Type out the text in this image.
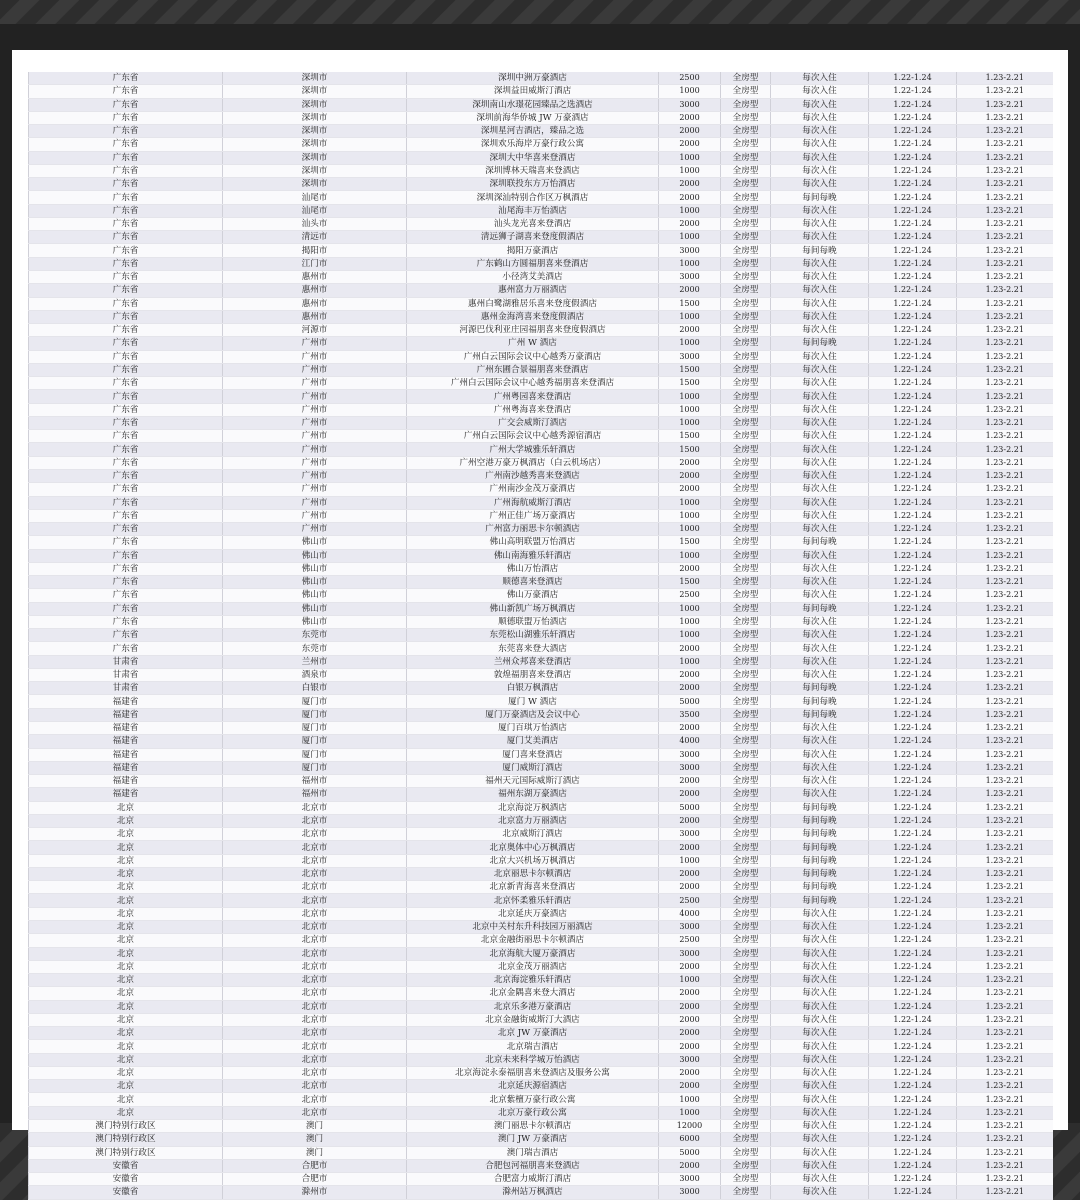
广东省	深圳市	深圳中洲万豪酒店	2500	全房型	每次入住	1.22-1.24	1.23-2.21
广东省	深圳市	深圳益田威斯汀酒店	1000	全房型	每次入住	1.22-1.24	1.23-2.21
广东省	深圳市	深圳南山水璟花园臻品之选酒店	3000	全房型	每次入住	1.22-1.24	1.23-2.21
广东省	深圳市	深圳前海华侨城 JW 万豪酒店	2000	全房型	每次入住	1.22-1.24	1.23-2.21
广东省	深圳市	深圳星河吉酒店，臻品之选	2000	全房型	每次入住	1.22-1.24	1.23-2.21
广东省	深圳市	深圳欢乐海岸万豪行政公寓	2000	全房型	每次入住	1.22-1.24	1.23-2.21
广东省	深圳市	深圳大中华喜来登酒店	1000	全房型	每次入住	1.22-1.24	1.23-2.21
广东省	深圳市	深圳博林天瑞喜来登酒店	1000	全房型	每次入住	1.22-1.24	1.23-2.21
广东省	深圳市	深圳联投东方万怡酒店	2000	全房型	每次入住	1.22-1.24	1.23-2.21
广东省	汕尾市	深圳深汕特别合作区万枫酒店	2000	全房型	每间每晚	1.22-1.24	1.23-2.21
广东省	汕尾市	汕尾海丰万怡酒店	1000	全房型	每次入住	1.22-1.24	1.23-2.21
广东省	汕头市	汕头龙光喜来登酒店	2000	全房型	每次入住	1.22-1.24	1.23-2.21
广东省	清远市	清远狮子湖喜来登度假酒店	1000	全房型	每次入住	1.22-1.24	1.23-2.21
广东省	揭阳市	揭阳万豪酒店	3000	全房型	每间每晚	1.22-1.24	1.23-2.21
广东省	江门市	广东鹤山方圆福朋喜来登酒店	1000	全房型	每次入住	1.22-1.24	1.23-2.21
广东省	惠州市	小径湾艾美酒店	3000	全房型	每次入住	1.22-1.24	1.23-2.21
广东省	惠州市	惠州富力万丽酒店	2000	全房型	每次入住	1.22-1.24	1.23-2.21
广东省	惠州市	惠州白鹭湖雅居乐喜来登度假酒店	1500	全房型	每次入住	1.22-1.24	1.23-2.21
广东省	惠州市	惠州金海湾喜来登度假酒店	1000	全房型	每次入住	1.22-1.24	1.23-2.21
广东省	河源市	河源巴伐利亚庄园福朋喜来登度假酒店	2000	全房型	每次入住	1.22-1.24	1.23-2.21
广东省	广州市	广州 W 酒店	1000	全房型	每间每晚	1.22-1.24	1.23-2.21
广东省	广州市	广州白云国际会议中心越秀万豪酒店	3000	全房型	每次入住	1.22-1.24	1.23-2.21
广东省	广州市	广州东圃合景福朋喜来登酒店	1500	全房型	每次入住	1.22-1.24	1.23-2.21
广东省	广州市	广州白云国际会议中心越秀福朋喜来登酒店	1500	全房型	每次入住	1.22-1.24	1.23-2.21
广东省	广州市	广州粤园喜来登酒店	1000	全房型	每次入住	1.22-1.24	1.23-2.21
广东省	广州市	广州粤海喜来登酒店	1000	全房型	每次入住	1.22-1.24	1.23-2.21
广东省	广州市	广交会威斯汀酒店	1000	全房型	每次入住	1.22-1.24	1.23-2.21
广东省	广州市	广州白云国际会议中心越秀源宿酒店	1500	全房型	每次入住	1.22-1.24	1.23-2.21
广东省	广州市	广州大学城雅乐轩酒店	1500	全房型	每次入住	1.22-1.24	1.23-2.21
广东省	广州市	广州空港万豪万枫酒店（白云机场店）	2000	全房型	每次入住	1.22-1.24	1.23-2.21
广东省	广州市	广州南沙越秀喜来登酒店	2000	全房型	每次入住	1.22-1.24	1.23-2.21
广东省	广州市	广州南沙金茂万豪酒店	2000	全房型	每次入住	1.22-1.24	1.23-2.21
广东省	广州市	广州海航威斯汀酒店	1000	全房型	每次入住	1.22-1.24	1.23-2.21
广东省	广州市	广州正佳广场万豪酒店	1000	全房型	每次入住	1.22-1.24	1.23-2.21
广东省	广州市	广州富力丽思卡尔顿酒店	1000	全房型	每次入住	1.22-1.24	1.23-2.21
广东省	佛山市	佛山高明联盟万怡酒店	1500	全房型	每间每晚	1.22-1.24	1.23-2.21
广东省	佛山市	佛山南海雅乐轩酒店	1000	全房型	每次入住	1.22-1.24	1.23-2.21
广东省	佛山市	佛山万怡酒店	2000	全房型	每次入住	1.22-1.24	1.23-2.21
广东省	佛山市	顺德喜来登酒店	1500	全房型	每次入住	1.22-1.24	1.23-2.21
广东省	佛山市	佛山万豪酒店	2500	全房型	每次入住	1.22-1.24	1.23-2.21
广东省	佛山市	佛山新凯广场万枫酒店	1000	全房型	每间每晚	1.22-1.24	1.23-2.21
广东省	佛山市	顺德联盟万怡酒店	1000	全房型	每次入住	1.22-1.24	1.23-2.21
广东省	东莞市	东莞松山湖雅乐轩酒店	1000	全房型	每次入住	1.22-1.24	1.23-2.21
广东省	东莞市	东莞喜来登大酒店	2000	全房型	每次入住	1.22-1.24	1.23-2.21
甘肃省	兰州市	兰州众邦喜来登酒店	1000	全房型	每次入住	1.22-1.24	1.23-2.21
甘肃省	酒泉市	敦煌福朋喜来登酒店	2000	全房型	每次入住	1.22-1.24	1.23-2.21
甘肃省	白银市	白银万枫酒店	2000	全房型	每间每晚	1.22-1.24	1.23-2.21
福建省	厦门市	厦门 W 酒店	5000	全房型	每间每晚	1.22-1.24	1.23-2.21
福建省	厦门市	厦门万豪酒店及会议中心	3500	全房型	每间每晚	1.22-1.24	1.23-2.21
福建省	厦门市	厦门百琪万怡酒店	2000	全房型	每次入住	1.22-1.24	1.23-2.21
福建省	厦门市	厦门艾美酒店	4000	全房型	每次入住	1.22-1.24	1.23-2.21
福建省	厦门市	厦门喜来登酒店	3000	全房型	每次入住	1.22-1.24	1.23-2.21
福建省	厦门市	厦门威斯汀酒店	3000	全房型	每次入住	1.22-1.24	1.23-2.21
福建省	福州市	福州天元国际威斯汀酒店	2000	全房型	每次入住	1.22-1.24	1.23-2.21
福建省	福州市	福州东湖万豪酒店	2000	全房型	每次入住	1.22-1.24	1.23-2.21
北京	北京市	北京海淀万枫酒店	5000	全房型	每间每晚	1.22-1.24	1.23-2.21
北京	北京市	北京富力万丽酒店	2000	全房型	每间每晚	1.22-1.24	1.23-2.21
北京	北京市	北京威斯汀酒店	3000	全房型	每间每晚	1.22-1.24	1.23-2.21
北京	北京市	北京奥体中心万枫酒店	2000	全房型	每间每晚	1.22-1.24	1.23-2.21
北京	北京市	北京大兴机场万枫酒店	1000	全房型	每间每晚	1.22-1.24	1.23-2.21
北京	北京市	北京丽思卡尔顿酒店	2000	全房型	每间每晚	1.22-1.24	1.23-2.21
北京	北京市	北京新青海喜来登酒店	2000	全房型	每间每晚	1.22-1.24	1.23-2.21
北京	北京市	北京怀柔雅乐轩酒店	2500	全房型	每间每晚	1.22-1.24	1.23-2.21
北京	北京市	北京延庆万豪酒店	4000	全房型	每次入住	1.22-1.24	1.23-2.21
北京	北京市	北京中关村东升科技园万丽酒店	3000	全房型	每次入住	1.22-1.24	1.23-2.21
北京	北京市	北京金融街丽思卡尔顿酒店	2500	全房型	每次入住	1.22-1.24	1.23-2.21
北京	北京市	北京海航大厦万豪酒店	3000	全房型	每次入住	1.22-1.24	1.23-2.21
北京	北京市	北京金茂万丽酒店	2000	全房型	每次入住	1.22-1.24	1.23-2.21
北京	北京市	北京海淀雅乐轩酒店	1000	全房型	每次入住	1.22-1.24	1.23-2.21
北京	北京市	北京金隅喜来登大酒店	2000	全房型	每次入住	1.22-1.24	1.23-2.21
北京	北京市	北京乐多港万豪酒店	2000	全房型	每次入住	1.22-1.24	1.23-2.21
北京	北京市	北京金融街威斯汀大酒店	2000	全房型	每次入住	1.22-1.24	1.23-2.21
北京	北京市	北京 JW 万豪酒店	2000	全房型	每次入住	1.22-1.24	1.23-2.21
北京	北京市	北京瑞吉酒店	2000	全房型	每次入住	1.22-1.24	1.23-2.21
北京	北京市	北京未来科学城万怡酒店	3000	全房型	每次入住	1.22-1.24	1.23-2.21
北京	北京市	北京海淀永泰福朋喜来登酒店及服务公寓	2000	全房型	每次入住	1.22-1.24	1.23-2.21
北京	北京市	北京延庆源宿酒店	2000	全房型	每次入住	1.22-1.24	1.23-2.21
北京	北京市	北京紫檀万豪行政公寓	1000	全房型	每次入住	1.22-1.24	1.23-2.21
北京	北京市	北京万豪行政公寓	1000	全房型	每次入住	1.22-1.24	1.23-2.21
澳门特别行政区	澳门	澳门丽思卡尔顿酒店	12000	全房型	每次入住	1.22-1.24	1.23-2.21
澳门特别行政区	澳门	澳门 JW 万豪酒店	6000	全房型	每次入住	1.22-1.24	1.23-2.21
澳门特别行政区	澳门	澳门瑞吉酒店	5000	全房型	每次入住	1.22-1.24	1.23-2.21
安徽省	合肥市	合肥包河福朋喜来登酒店	2000	全房型	每次入住	1.22-1.24	1.23-2.21
安徽省	合肥市	合肥富力威斯汀酒店	3000	全房型	每次入住	1.22-1.24	1.23-2.21
安徽省	滁州市	滁州站万枫酒店	3000	全房型	每次入住	1.22-1.24	1.23-2.21
